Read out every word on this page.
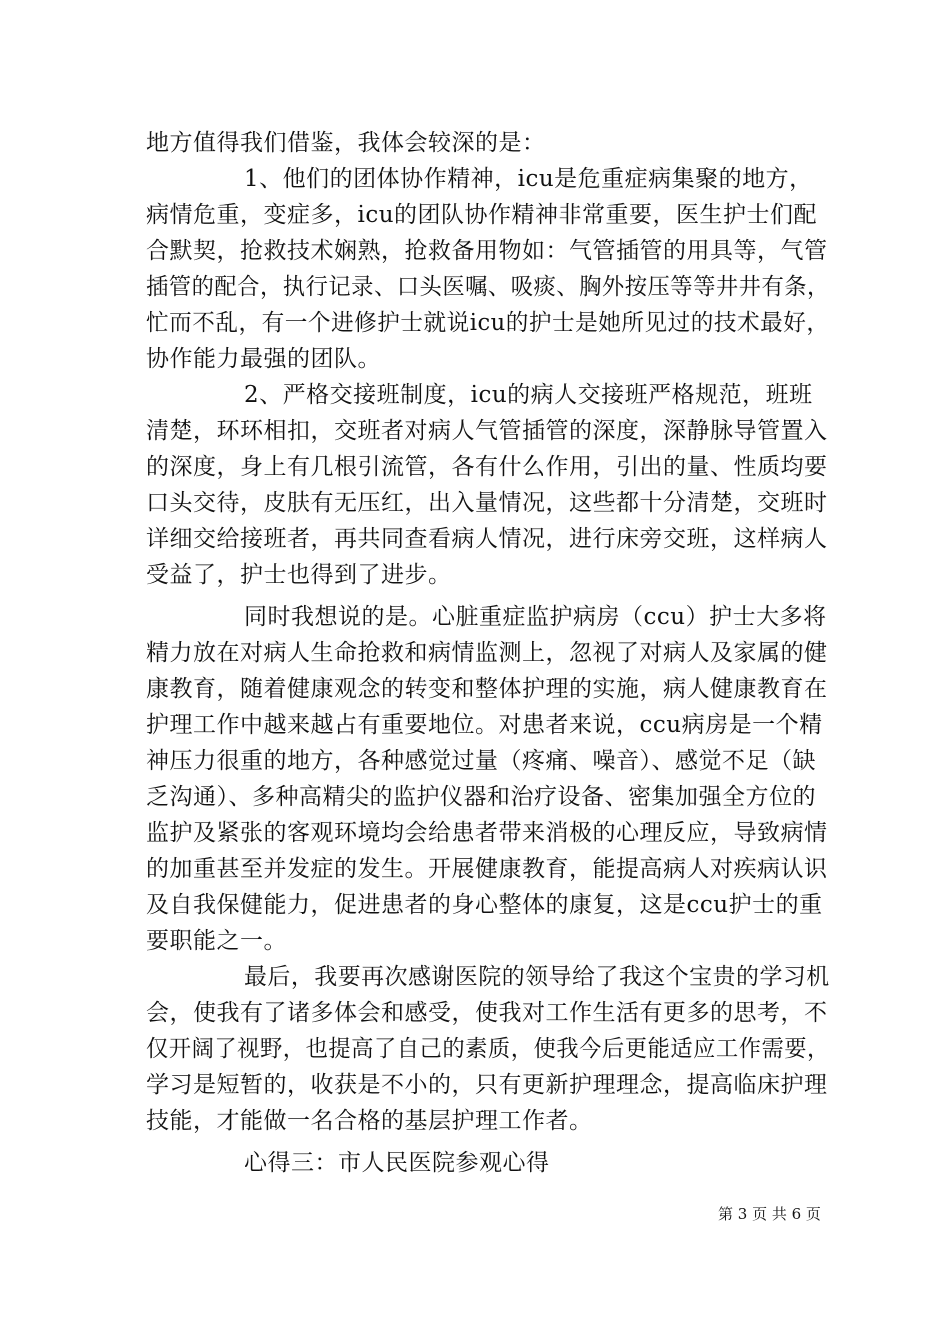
地方值得我们借鉴，我体会较深的是：
1、他们的团体协作精神，icu是危重症病集聚的地方，
病情危重，变症多，icu的团队协作精神非常重要，医生护士们配
合默契，抢救技术娴熟，抢救备用物如：气管插管的用具等，气管
插管的配合，执行记录、口头医嘱、吸痰、胸外按压等等井井有条，
忙而不乱，有一个进修护士就说icu的护士是她所见过的技术最好，
协作能力最强的团队。
2、严格交接班制度，icu的病人交接班严格规范，班班
清楚，环环相扣，交班者对病人气管插管的深度，深静脉导管置入
的深度，身上有几根引流管，各有什么作用，引出的量、性质均要
口头交待，皮肤有无压红，出入量情况，这些都十分清楚，交班时
详细交给接班者，再共同查看病人情况，进行床旁交班，这样病人
受益了，护士也得到了进步。
同时我想说的是。心脏重症监护病房（ccu）护士大多将
精力放在对病人生命抢救和病情监测上，忽视了对病人及家属的健
康教育，随着健康观念的转变和整体护理的实施，病人健康教育在
护理工作中越来越占有重要地位。对患者来说，ccu病房是一个精
神压力很重的地方，各种感觉过量（疼痛、噪音）、感觉不足（缺
乏沟通）、多种高精尖的监护仪器和治疗设备、密集加强全方位的
监护及紧张的客观环境均会给患者带来消极的心理反应，导致病情
的加重甚至并发症的发生。开展健康教育，能提高病人对疾病认识
及自我保健能力，促进患者的身心整体的康复，这是ccu护士的重
要职能之一。
最后，我要再次感谢医院的领导给了我这个宝贵的学习机
会，使我有了诸多体会和感受，使我对工作生活有更多的思考，不
仅开阔了视野，也提高了自己的素质，使我今后更能适应工作需要，
学习是短暂的，收获是不小的，只有更新护理理念，提高临床护理
技能，才能做一名合格的基层护理工作者。
心得三：市人民医院参观心得
第 3 页 共 6 页
